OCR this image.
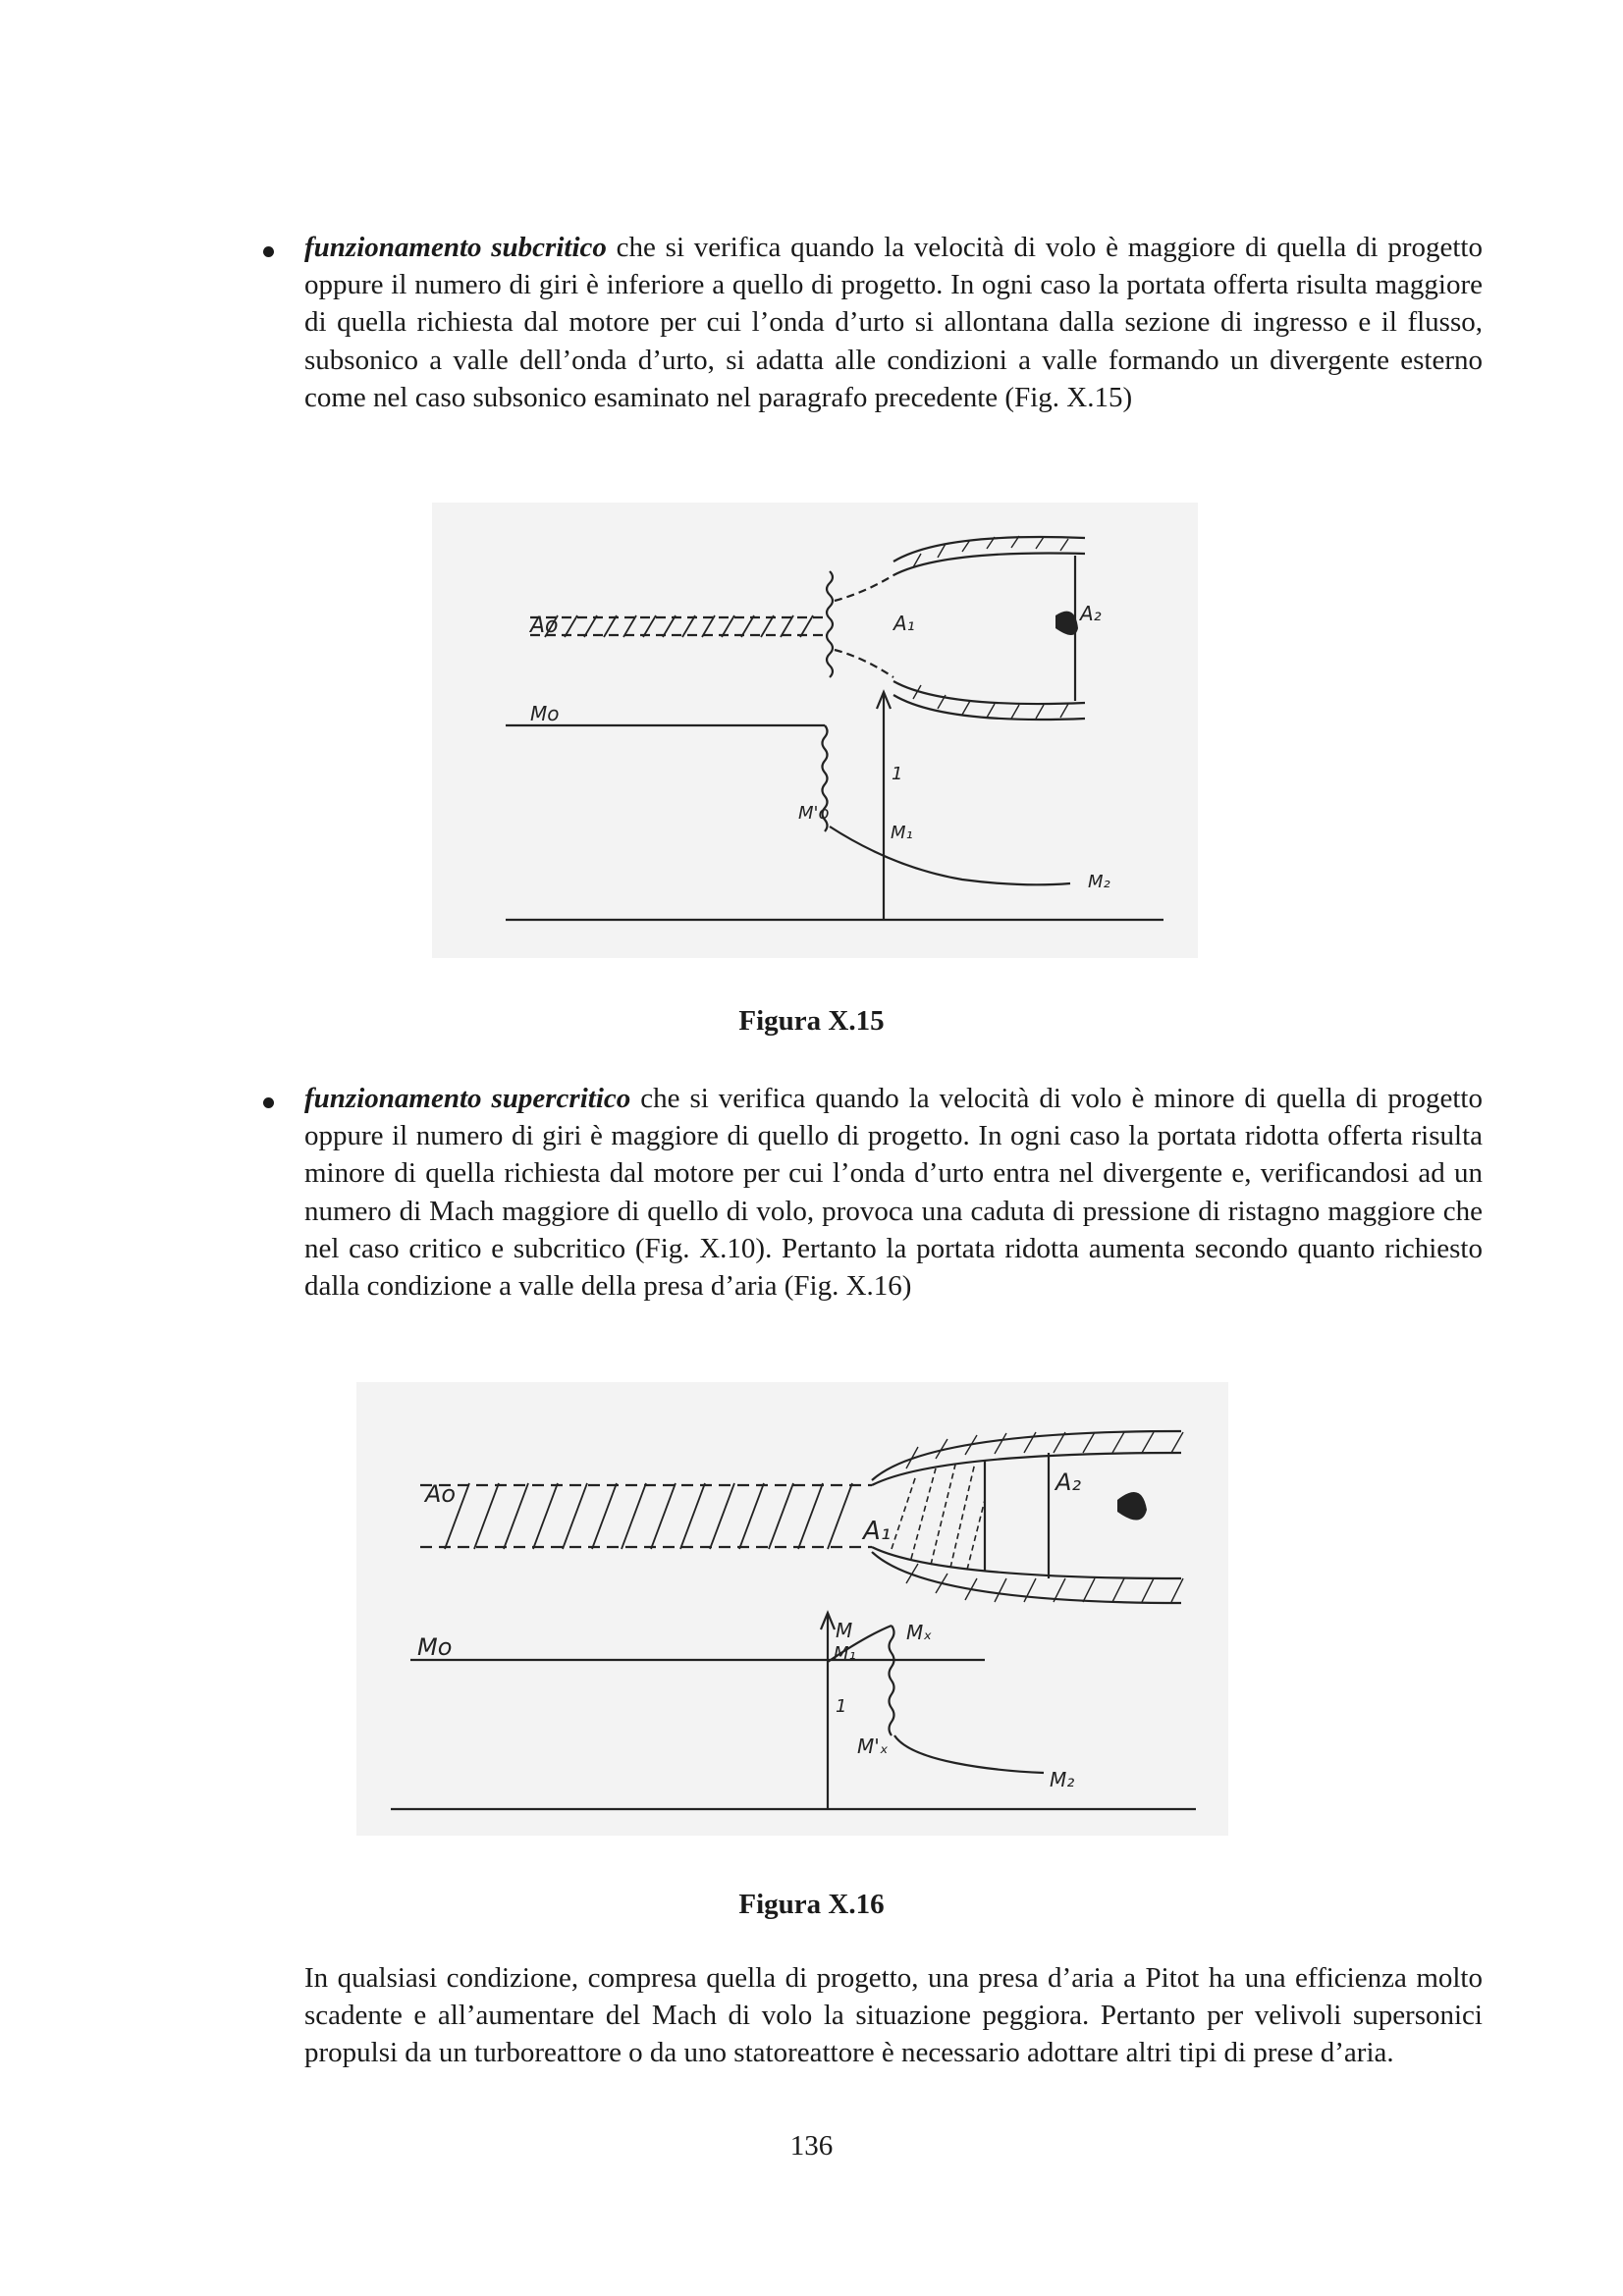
funzionamento subcritico che si verifica quando la velocità di volo è maggiore di quella di progetto oppure il numero di giri è inferiore a quello di progetto. In ogni caso la portata offerta risulta maggiore di quella richiesta dal motore per cui l’onda d’urto si allontana dalla sezione di ingresso e il flusso, subsonico a valle dell’onda d’urto, si adatta alle condizioni a valle formando un divergente esterno come nel caso subsonico esaminato nel paragrafo precedente (Fig. X.15)

Ao	A₁	A₂
Mo
M'o
M₁
M₂
1
Figura X.15

funzionamento supercritico che si verifica quando la velocità di volo è minore di quella di progetto oppure il numero di giri è maggiore di quello di progetto. In ogni caso la portata ridotta offerta risulta minore di quella richiesta dal motore per cui l’onda d’urto entra nel divergente e, verificandosi ad un numero di Mach maggiore di quello di volo, provoca una caduta di pressione di ristagno maggiore che nel caso critico e subcritico (Fig. X.10). Pertanto la portata ridotta aumenta secondo quanto richiesto dalla condizione a valle della presa d’aria (Fig. X.16)

Ao
A₁
A₂
Mo
M
M₁
Mₓ
M'ₓ
M₂
1
Figura X.16

In qualsiasi condizione, compresa quella di progetto, una presa d’aria a Pitot ha una efficienza molto scadente e all’aumentare del Mach di volo la situazione peggiora. Pertanto per velivoli supersonici propulsi da un turboreattore o da uno statoreattore è necessario adottare altri tipi di prese d’aria.

136
